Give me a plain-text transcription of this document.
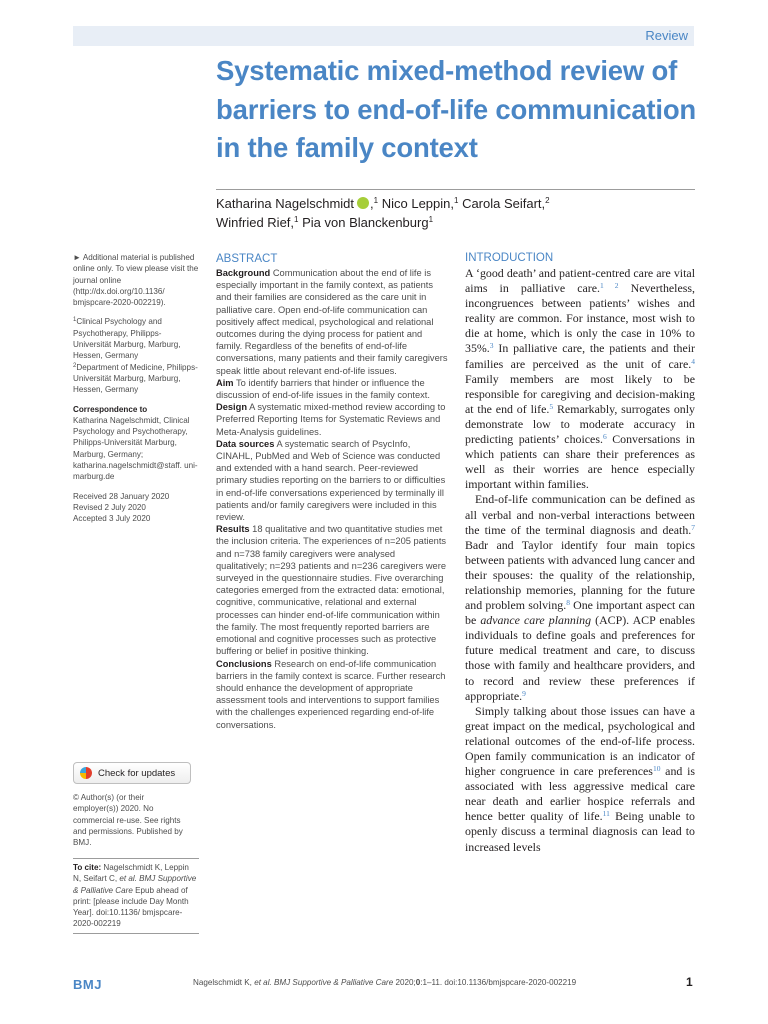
Review
Systematic mixed-method review of barriers to end-of-life communication in the family context
Katharina Nagelschmidt ,$^1$ Nico Leppin,$^1$ Carola Seifart,$^2$
Winfried Rief,$^1$ Pia von Blanckenburg$^1$

► Additional material is published online only. To view please visit the journal online (http://dx.doi.org/10.1136/ bmjspcare-2020-002219).

$^1$Clinical Psychology and Psychotherapy, Philipps-Universität Marburg, Marburg, Hessen, Germany
$^2$Department of Medicine, Philipps-Universität Marburg, Marburg, Hessen, Germany

Correspondence to
Katharina Nagelschmidt, Clinical Psychology and Psychotherapy, Philipps-Universität Marburg, Marburg, Germany; katharina.nagelschmidt@staff. uni-marburg.de

Received 28 January 2020
Revised 2 July 2020
Accepted 3 July 2020

Check for updates
© Author(s) (or their employer(s)) 2020. No commercial re-use. See rights and permissions. Published by BMJ.
To cite: Nagelschmidt K, Leppin N, Seifart C, et al. BMJ Supportive & Palliative Care Epub ahead of print: [please include Day Month Year]. doi:10.1136/ bmjspcare-2020-002219
ABSTRACT
Background Communication about the end of life is especially important in the family context, as patients and their families are considered as the care unit in palliative care. Open end-of-life communication can positively affect medical, psychological and relational outcomes during the dying process for patient and family. Regardless of the benefits of end-of-life conversations, many patients and their family caregivers speak little about relevant end-of-life issues.
Aim To identify barriers that hinder or influence the discussion of end-of-life issues in the family context.
Design A systematic mixed-method review according to Preferred Reporting Items for Systematic Reviews and Meta-Analysis guidelines.
Data sources A systematic search of PsycInfo, CINAHL, PubMed and Web of Science was conducted and extended with a hand search. Peer-reviewed primary studies reporting on the barriers to or difficulties in end-of-life conversations experienced by terminally ill patients and/or family caregivers were included in this review.
Results 18 qualitative and two quantitative studies met the inclusion criteria. The experiences of n=205 patients and n=738 family caregivers were analysed qualitatively; n=293 patients and n=236 caregivers were surveyed in the questionnaire studies. Five overarching categories emerged from the extracted data: emotional, cognitive, communicative, relational and external processes can hinder end-of-life communication within the family. The most frequently reported barriers are emotional and cognitive processes such as protective buffering or belief in positive thinking.
Conclusions Research on end-of-life communication barriers in the family context is scarce. Further research should enhance the development of appropriate assessment tools and interventions to support families with the challenges experienced regarding end-of-life conversations.
INTRODUCTION

A ‘good death’ and patient-centred care are vital aims in palliative care.$^{1 2}$ Nevertheless, incongruences between patients’ wishes and reality are common. For instance, most wish to die at home, which is only the case in 10% to 35%.$^3$ In palliative care, the patients and their families are perceived as the unit of care.$^4$ Family members are most likely to be responsible for caregiving and decision-making at the end of life.$^5$ Remarkably, surrogates only demonstrate low to moderate accuracy in predicting patients’ choices.$^6$ Conversations in which patients can share their preferences as well as their worries are hence especially important within families.

End-of-life communication can be defined as all verbal and non-verbal interactions between the time of the terminal diagnosis and death.$^7$ Badr and Taylor identify four main topics between patients with advanced lung cancer and their spouses: the quality of the relationship, relationship memories, planning for the future and problem solving.$^8$ One important aspect can be advance care planning (ACP). ACP enables individuals to define goals and preferences for future medical treatment and care, to discuss those with family and healthcare providers, and to record and review these preferences if appropriate.$^9$

Simply talking about those issues can have a great impact on the medical, psychological and relational outcomes of the end-of-life process. Open family communication is an indicator of higher congruence in care preferences$^{10}$ and is associated with less aggressive medical care near death and earlier hospice referrals and hence better quality of life.$^{11}$ Being unable to openly discuss a terminal diagnosis can lead to increased levels

BMJ	Nagelschmidt K, et al. BMJ Supportive & Palliative Care 2020;0:1–11. doi:10.1136/bmjspcare-2020-002219	1
